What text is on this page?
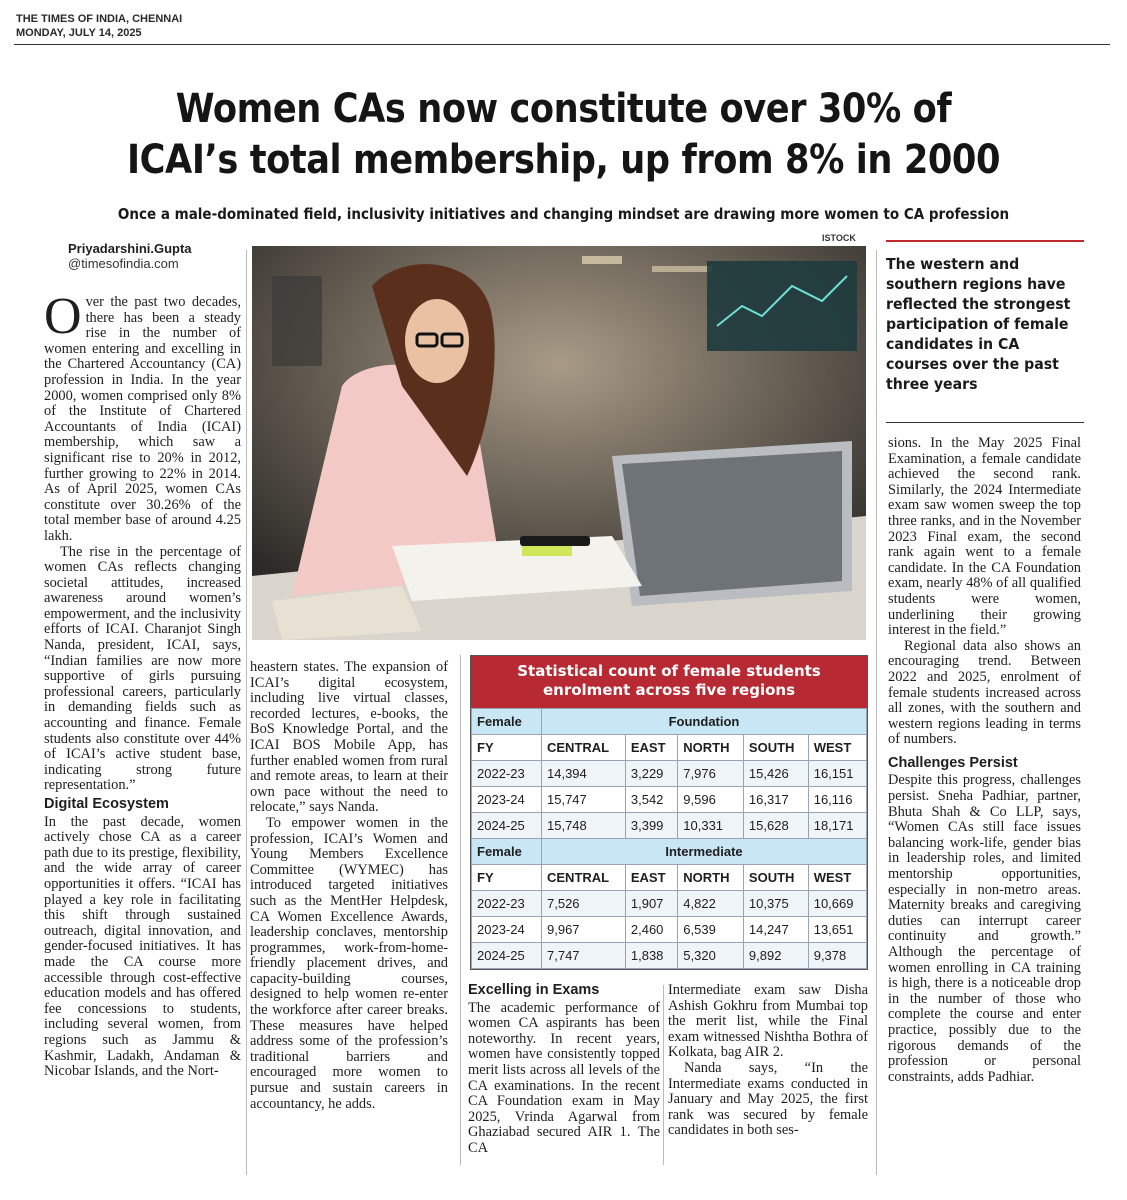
THE TIMES OF INDIA, CHENNAI
MONDAY, JULY 14, 2025
Women CAs now constitute over 30% of
ICAI’s total membership, up from 8% in 2000
Once a male-dominated field, inclusivity initiatives and changing mindset are drawing more women to CA profession
Priyadarshini.Gupta
@timesofindia.com

Over the past two decades, there has been a steady rise in the number of women entering and excelling in the Chartered Accountancy (CA) profession in India. In the year 2000, women comprised only 8% of the Institute of Chartered Accountants of India (ICAI) membership, which saw a significant rise to 20% in 2012, further growing to 22% in 2014. As of April 2025, women CAs constitute over 30.26% of the total member base of around 4.25 lakh.

The rise in the percentage of women CAs reflects changing societal attitudes, increased awareness around women’s empowerment, and the inclusivity efforts of ICAI. Charanjot Singh Nanda, president, ICAI, says, “Indian families are now more supportive of girls pursuing professional careers, particularly in demanding fields such as accounting and finance. Female students also constitute over 44% of ICAI’s active student base, indicating strong future representation.”

Digital Ecosystem

In the past decade, women actively chose CA as a career path due to its prestige, flexibility, and the wide array of career opportunities it offers. “ICAI has played a key role in facilitating this shift through sustained outreach, digital innovation, and gender-focused initiatives. It has made the CA course more accessible through cost-effective education models and has offered fee concessions to students, including several women, from regions such as Jammu & Kashmir, Ladakh, Andaman & Nicobar Islands, and the Nort-

ISTOCK
The western and southern regions have reflected the strongest participation of female candidates in CA courses over the past three years

heastern states. The expansion of ICAI’s digital ecosystem, including live virtual classes, recorded lectures, e-books, the BoS Knowledge Portal, and the ICAI BOS Mobile App, has further enabled women from rural and remote areas, to learn at their own pace without the need to relocate,” says Nanda.

To empower women in the profession, ICAI’s Women and Young Members Excellence Committee (WYMEC) has introduced targeted initiatives such as the MentHer Helpdesk, CA Women Excellence Awards, leadership conclaves, mentorship programmes, work-from-home-friendly placement drives, and capacity-building courses, designed to help women re-enter the workforce after career breaks. These measures have helped address some of the profession’s traditional barriers and encouraged more women to pursue and sustain careers in accountancy, he adds.

Statistical count of female students
enrolment across five regions
Female	Foundation				
FY	CENTRAL	EAST	NORTH	SOUTH	WEST
2022-23	14,394	3,229	7,976	15,426	16,151
2023-24	15,747	3,542	9,596	16,317	16,116
2024-25	15,748	3,399	10,331	15,628	18,171
Female	Intermediate				
FY	CENTRAL	EAST	NORTH	SOUTH	WEST
2022-23	7,526	1,907	4,822	10,375	10,669
2023-24	9,967	2,460	6,539	14,247	13,651
2024-25	7,747	1,838	5,320	9,892	9,378
Excelling in Exams

The academic performance of women CA aspirants has been noteworthy. In recent years, women have consistently topped merit lists across all levels of the CA examinations. In the recent CA Foundation exam in May 2025, Vrinda Agarwal from Ghaziabad secured AIR 1. The CA

Intermediate exam saw Disha Ashish Gokhru from Mumbai top the merit list, while the Final exam witnessed Nishtha Bothra of Kolkata, bag AIR 2.

Nanda says, “In the Intermediate exams conducted in January and May 2025, the first rank was secured by female candidates in both ses-

sions. In the May 2025 Final Examination, a female candidate achieved the second rank. Similarly, the 2024 Intermediate exam saw women sweep the top three ranks, and in the November 2023 Final exam, the second rank again went to a female candidate. In the CA Foundation exam, nearly 48% of all qualified students were women, underlining their growing interest in the field.”

Regional data also shows an encouraging trend. Between 2022 and 2025, enrolment of female students increased across all zones, with the southern and western regions leading in terms of numbers.

Challenges Persist

Despite this progress, challenges persist. Sneha Padhiar, partner, Bhuta Shah & Co LLP, says, “Women CAs still face issues balancing work-life, gender bias in leadership roles, and limited mentorship opportunities, especially in non-metro areas. Maternity breaks and caregiving duties can interrupt career continuity and growth.” Although the percentage of women enrolling in CA training is high, there is a noticeable drop in the number of those who complete the course and enter practice, possibly due to the rigorous demands of the profession or personal constraints, adds Padhiar.
